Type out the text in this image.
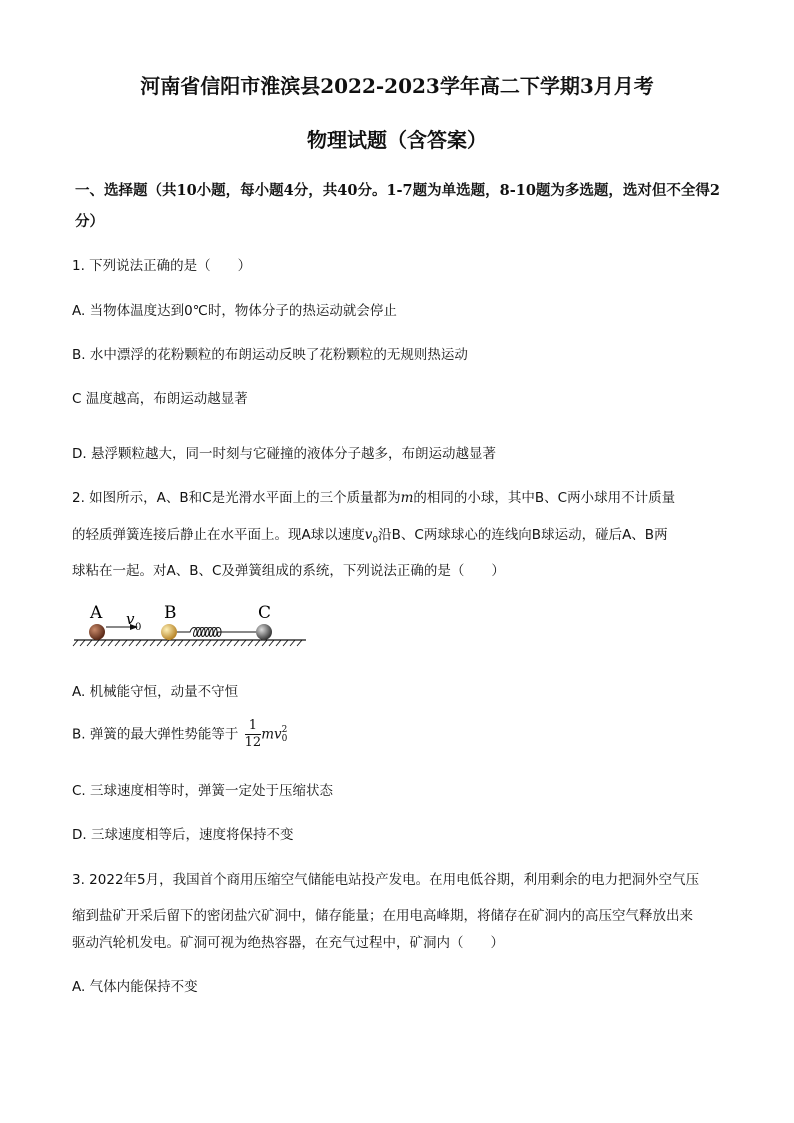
河南省信阳市淮滨县2022-2023学年高二下学期3月月考
物理试题（含答案）
一、选择题（共10小题，每小题4分，共40分。1-7题为单选题，8-10题为多选题，选对但不全得2分）
1. 下列说法正确的是（　　）
A. 当物体温度达到0℃时，物体分子的热运动就会停止
B. 水中漂浮的花粉颗粒的布朗运动反映了花粉颗粒的无规则热运动
C 温度越高，布朗运动越显著
D. 悬浮颗粒越大，同一时刻与它碰撞的液体分子越多，布朗运动越显著
2. 如图所示，A、B和C是光滑水平面上的三个质量都为m的相同的小球，其中B、C两小球用不计质量
的轻质弹簧连接后静止在水平面上。现A球以速度$v_0$沿B、C两球球心的连线向B球运动，碰后A、B两
球粘在一起。对A、B、C及弹簧组成的系统，下列说法正确的是（　　）
A v 0
B	C
A. 机械能守恒，动量不守恒
B. 弹簧的最大弹性势能等于 $\frac{1}{12}$ mv 2
0
C. 三球速度相等时，弹簧一定处于压缩状态
D. 三球速度相等后，速度将保持不变
3. 2022年5月，我国首个商用压缩空气储能电站投产发电。在用电低谷期，利用剩余的电力把洞外空气压
缩到盐矿开采后留下的密闭盐穴矿洞中，储存能量；在用电高峰期，将储存在矿洞内的高压空气释放出来
驱动汽轮机发电。矿洞可视为绝热容器，在充气过程中，矿洞内（　　）
A. 气体内能保持不变
